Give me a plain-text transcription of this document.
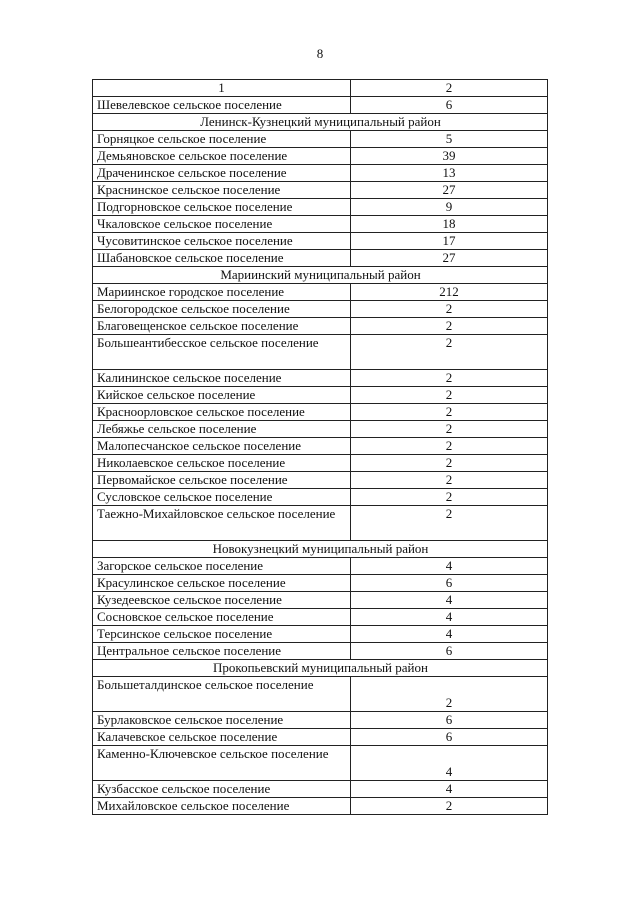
8
1	2
Шевелевское сельское поселение	6
Ленинск-Кузнецкий муниципальный район	
Горняцкое сельское поселение	5
Демьяновское сельское поселение	39
Драченинское сельское поселение	13
Краснинское сельское поселение	27
Подгорновское сельское поселение	9
Чкаловское сельское поселение	18
Чусовитинское сельское поселение	17
Шабановское сельское поселение	27
Мариинский муниципальный район	
Мариинское городское поселение	212
Белогородское сельское поселение	2
Благовещенское сельское поселение	2
Большеантибесское сельское поселение	2
Калининское сельское поселение	2
Кийское сельское поселение	2
Красноорловское сельское поселение	2
Лебяжье сельское поселение	2
Малопесчанское сельское поселение	2
Николаевское сельское поселение	2
Первомайское сельское поселение	2
Сусловское сельское поселение	2
Таежно-Михайловское сельское поселение	2
Новокузнецкий муниципальный район	
Загорское сельское поселение	4
Красулинское сельское поселение	6
Кузедеевское сельское поселение	4
Сосновское сельское поселение	4
Терсинское сельское поселение	4
Центральное сельское поселение	6
Прокопьевский муниципальный район	
Большеталдинское сельское поселение	2
Бурлаковское сельское поселение	6
Калачевское сельское поселение	6
Каменно-Ключевское сельское поселение	4
Кузбасское сельское поселение	4
Михайловское сельское поселение	2
